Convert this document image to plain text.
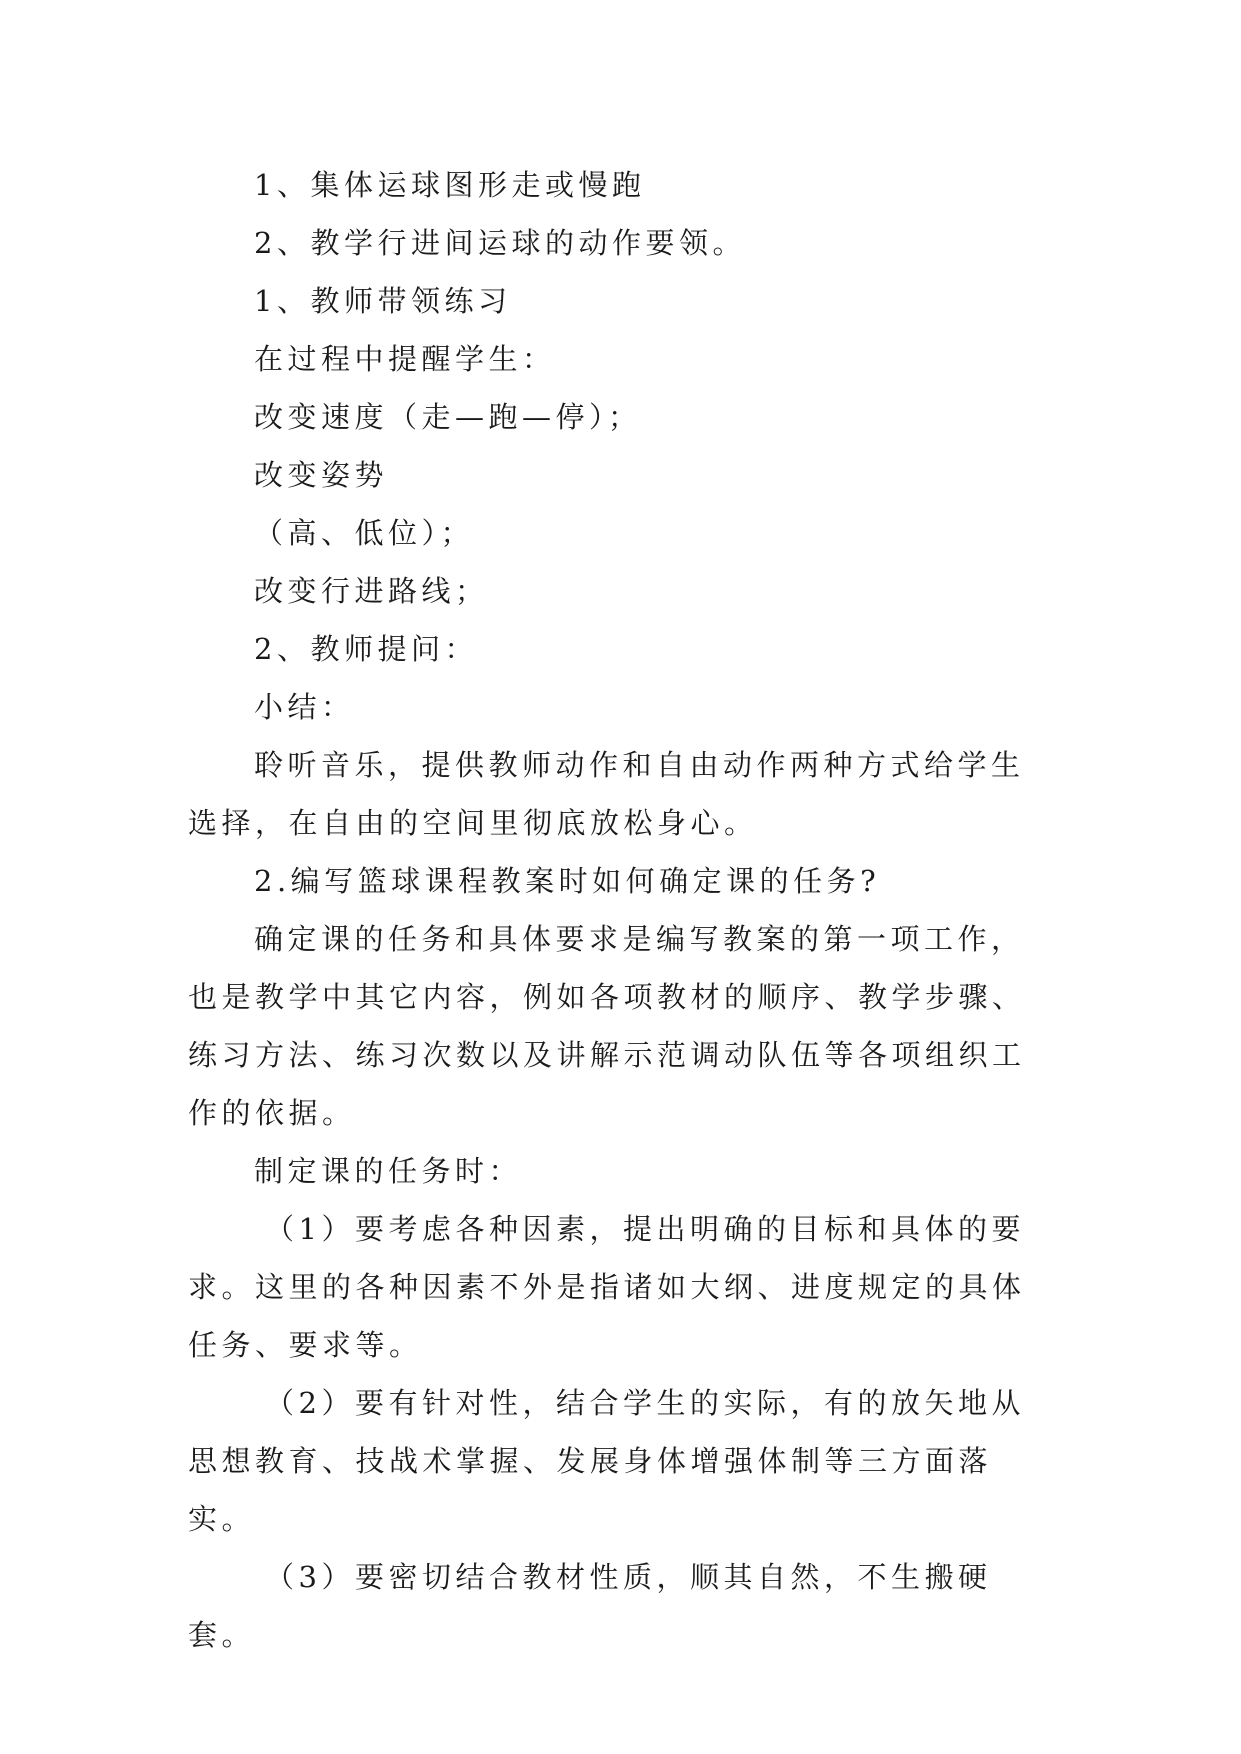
1、集体运球图形走或慢跑

2、教学行进间运球的动作要领。

1、教师带领练习

在过程中提醒学生：

改变速度（走—跑—停）；

改变姿势

（高、低位）；

改变行进路线；

2、教师提问：

小结：

聆听音乐，提供教师动作和自由动作两种方式给学生选择，在自由的空间里彻底放松身心。

2.编写篮球课程教案时如何确定课的任务?

确定课的任务和具体要求是编写教案的第一项工作，也是教学中其它内容，例如各项教材的顺序、教学步骤、练习方法、练习次数以及讲解示范调动队伍等各项组织工作的依据。

制定课的任务时：

（1）要考虑各种因素，提出明确的目标和具体的要求。这里的各种因素不外是指诸如大纲、进度规定的具体任务、要求等。

（2）要有针对性，结合学生的实际，有的放矢地从思想教育、技战术掌握、发展身体增强体制等三方面落实。

（3）要密切结合教材性质，顺其自然，不生搬硬套。
